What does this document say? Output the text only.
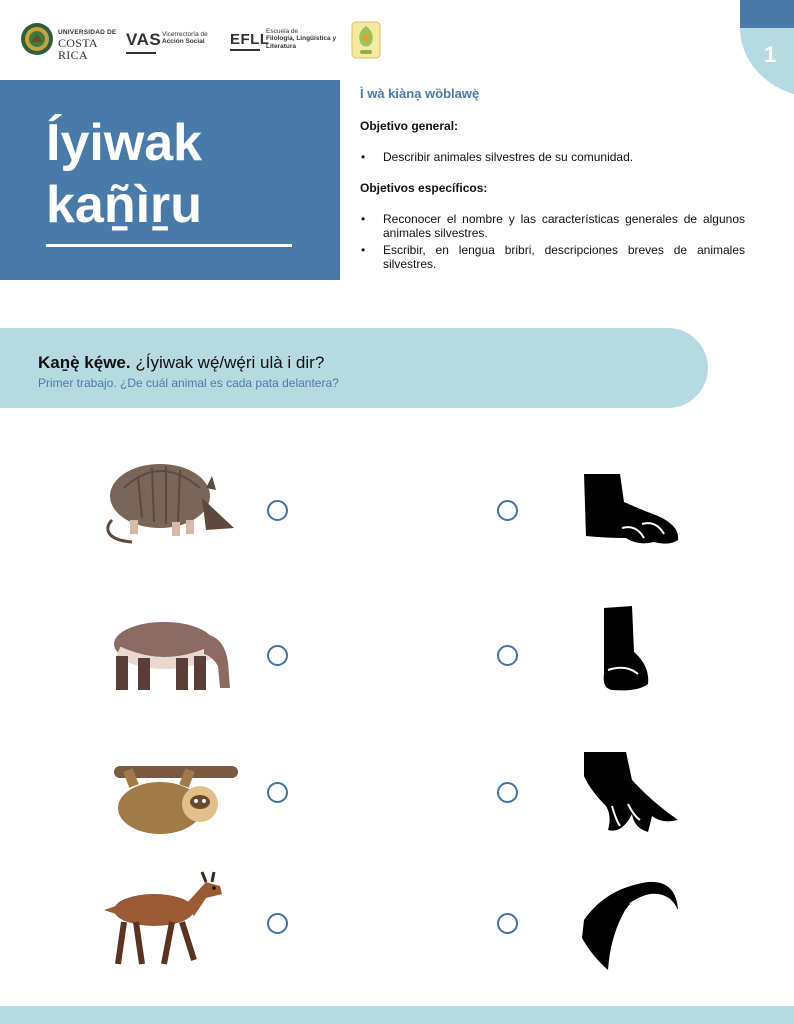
UNIVERSIDAD DE
COSTA RICA
VAS Vicerrectoría de
Acción Social EFLL
Escuela de
Filología, Lingüística y
Literatura	1
Íyiwak
kaṉ̃ìṟu
Ì wà kiànạ wȍblawę̀
Objetivo general:
• Describir animales silvestres de su comunidad.
Objetivos específicos:
• Reconocer el nombre y las características generales de algunos animales silvestres.
• Escribir, en lengua bribri, descripciones breves de animales silvestres.
Kaṉę̀ kę́we. ¿Íyiwak wę́/wę́ri ulà i dir?
Primer trabajo. ¿De cuál animal es cada pata delantera?
